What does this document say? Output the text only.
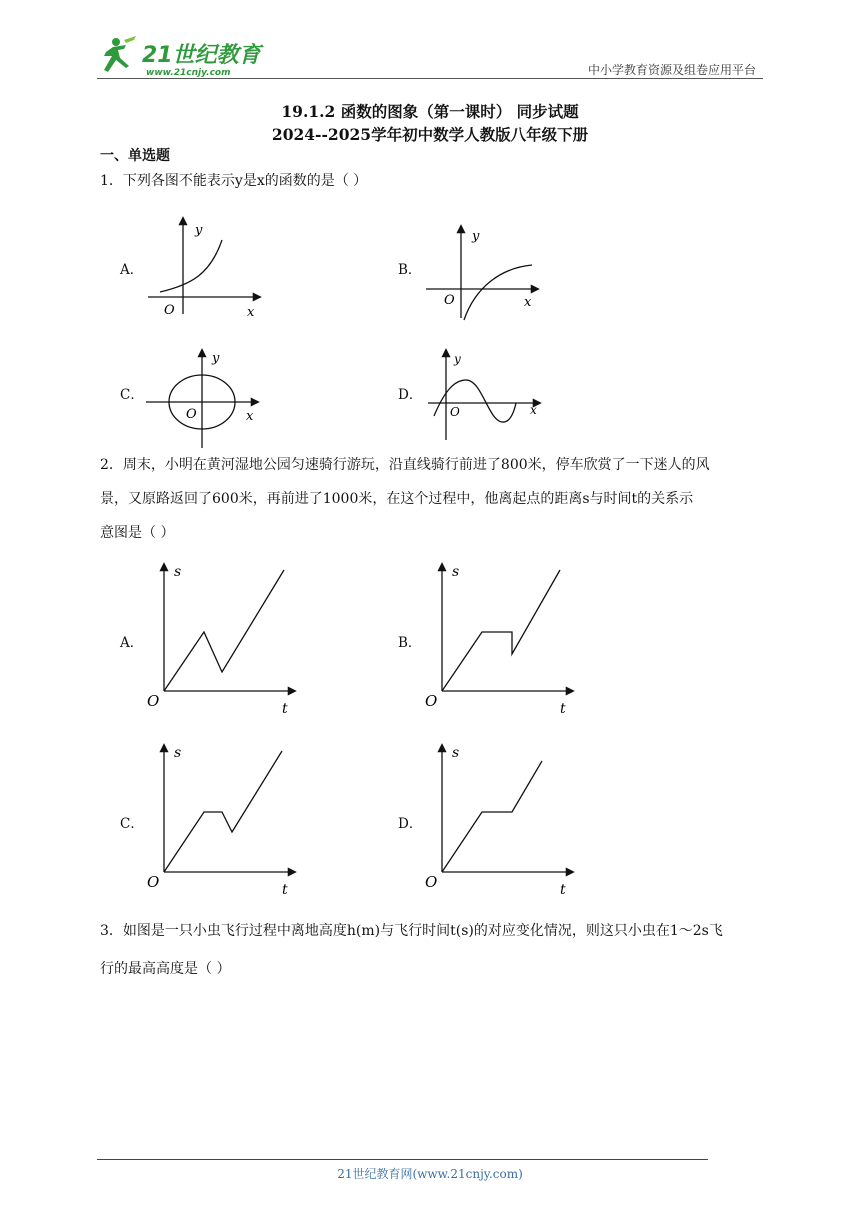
21世纪教育
www.21cnjy.com	中小学教育资源及组卷应用平台
19.1.2 函数的图象（第一课时） 同步试题
2024--2025学年初中数学人教版八年级下册
一、单选题
1．下列各图不能表示y是x的函数的是（ ）
A．
y
x
O
B．
y
x
O
C．
y
x
O
D．
y
x
O
2．周末，小明在黄河湿地公园匀速骑行游玩，沿直线骑行前进了800米，停车欣赏了一下迷人的风
景，又原路返回了600米，再前进了1000米，在这个过程中，他离起点的距离s与时间t的关系示
意图是（ ）
A．
s
t
O
B．
s
t
O
C．
s
t
O
D．
s
t
O
3．如图是一只小虫飞行过程中离地高度h(m)与飞行时间t(s)的对应变化情况，则这只小虫在1～2s飞
行的最高高度是（ ）
21世纪教育网(www.21cnjy.com)
